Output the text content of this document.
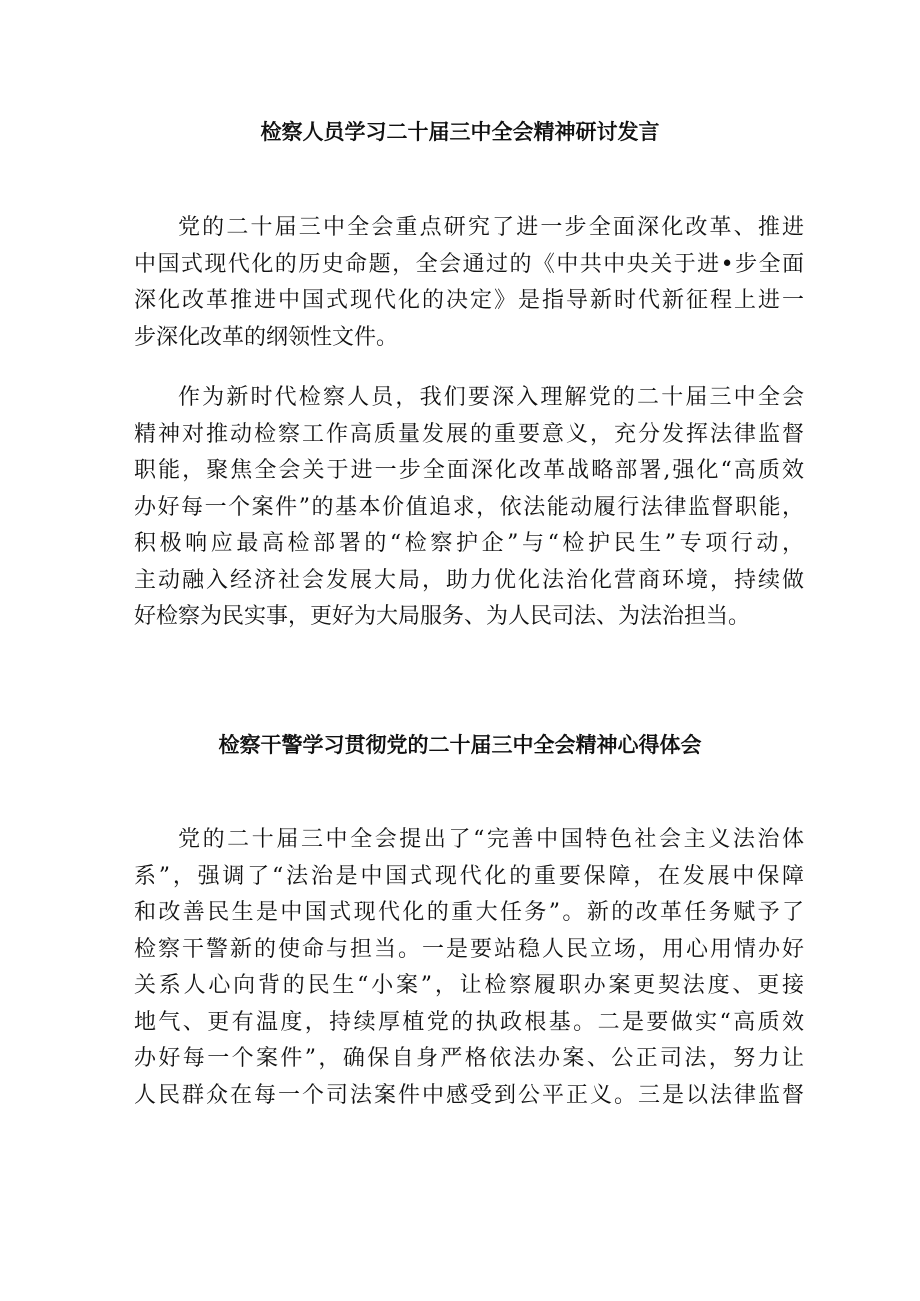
检察人员学习二十届三中全会精神研讨发言
党的二十届三中全会重点研究了进一步全面深化改革、推进
中国式现代化的历史命题，全会通过的《中共中央关于进•步全面
深化改革推进中国式现代化的决定》是指导新时代新征程上进一
步深化改革的纲领性文件。
作为新时代检察人员，我们要深入理解党的二十届三中全会
精神对推动检察工作高质量发展的重要意义，充分发挥法律监督
职能，聚焦全会关于进一步全面深化改革战略部署,强化“高质效
办好每一个案件”的基本价值追求，依法能动履行法律监督职能，
积极响应最高检部署的“检察护企”与“检护民生”专项行动，
主动融入经济社会发展大局，助力优化法治化营商环境，持续做
好检察为民实事，更好为大局服务、为人民司法、为法治担当。
检察干警学习贯彻党的二十届三中全会精神心得体会
党的二十届三中全会提出了“完善中国特色社会主义法治体
系”，强调了“法治是中国式现代化的重要保障，在发展中保障
和改善民生是中国式现代化的重大任务”。新的改革任务赋予了
检察干警新的使命与担当。一是要站稳人民立场，用心用情办好
关系人心向背的民生“小案”，让检察履职办案更契法度、更接
地气、更有温度，持续厚植党的执政根基。二是要做实“高质效
办好每一个案件”，确保自身严格依法办案、公正司法，努力让
人民群众在每一个司法案件中感受到公平正义。三是以法律监督
